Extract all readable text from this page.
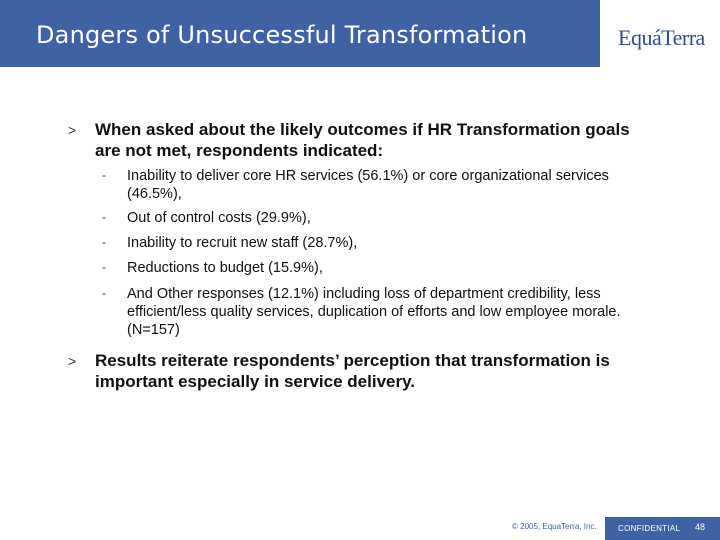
Dangers of Unsuccessful Transformation	EquáTerra
> When asked about the likely outcomes if HR Transformation goals are not met, respondents indicated:
- Inability to deliver core HR services (56.1%) or core organizational services (46.5%),
- Out of control costs (29.9%),
- Inability to recruit new staff (28.7%),
- Reductions to budget (15.9%),
- And Other responses (12.1%) including loss of department credibility, less efficient/less quality services, duplication of efforts and low employee morale. (N=157)
> Results reiterate respondents’ perception that transformation is important especially in service delivery.
© 2005, EquaTerra, Inc.	CONFIDENTIAL 48
